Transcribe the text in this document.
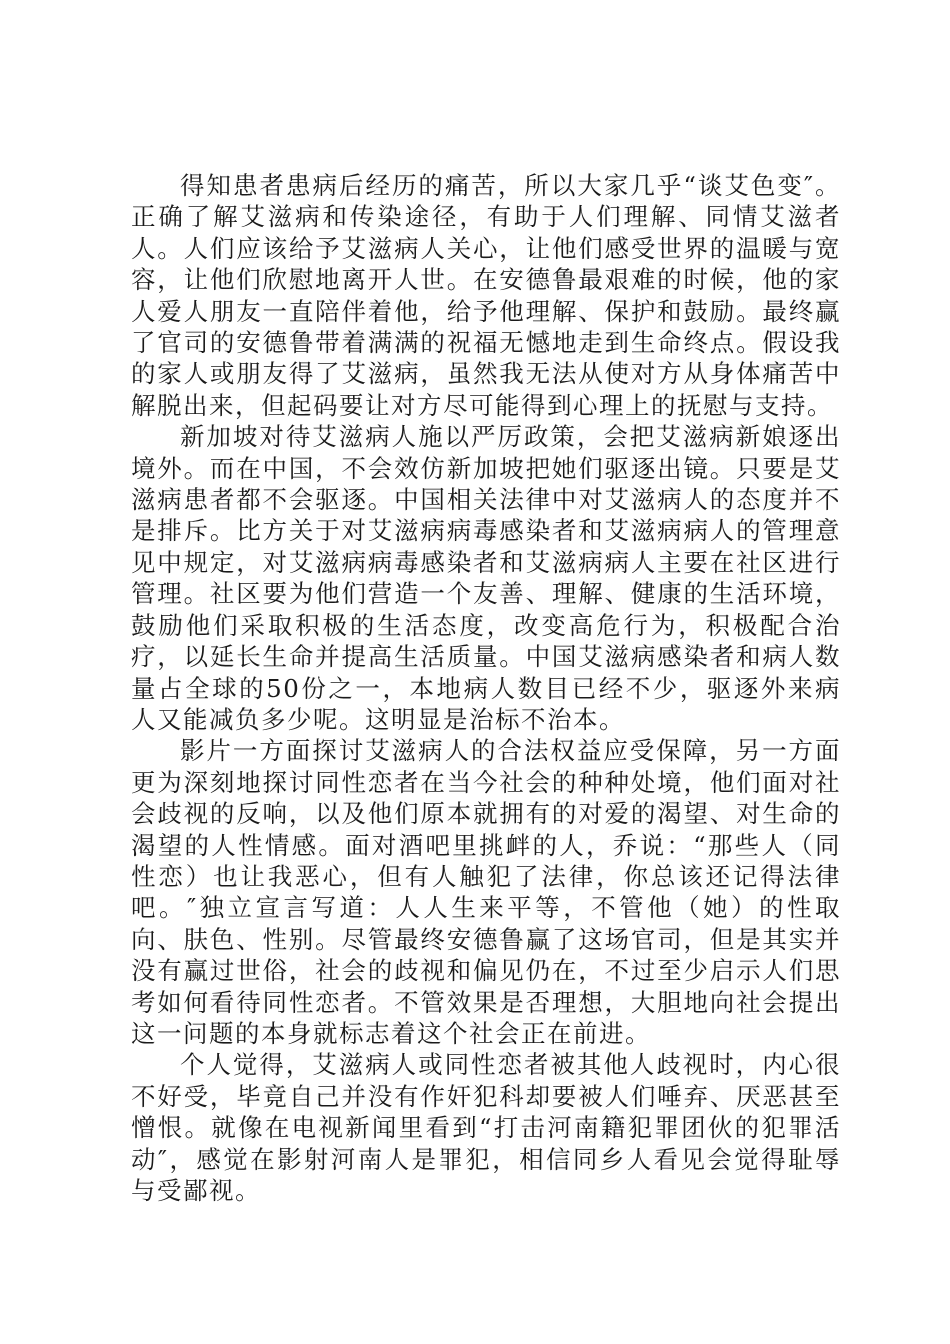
得知患者患病后经历的痛苦，所以大家几乎“谈艾色变″。正确了解艾滋病和传染途径，有助于人们理解、同情艾滋者人。人们应该给予艾滋病人关心，让他们感受世界的温暖与宽容，让他们欣慰地离开人世。在安德鲁最艰难的时候，他的家人爱人朋友一直陪伴着他，给予他理解、保护和鼓励。最终赢了官司的安德鲁带着满满的祝福无憾地走到生命终点。假设我的家人或朋友得了艾滋病，虽然我无法从使对方从身体痛苦中解脱出来，但起码要让对方尽可能得到心理上的抚慰与支持。

新加坡对待艾滋病人施以严厉政策，会把艾滋病新娘逐出境外。而在中国，不会效仿新加坡把她们驱逐出镜。只要是艾滋病患者都不会驱逐。中国相关法律中对艾滋病人的态度并不是排斥。比方关于对艾滋病病毒感染者和艾滋病病人的管理意见中规定，对艾滋病病毒感染者和艾滋病病人主要在社区进行管理。社区要为他们营造一个友善、理解、健康的生活环境，鼓励他们采取积极的生活态度，改变高危行为，积极配合治疗，以延长生命并提高生活质量。中国艾滋病感染者和病人数量占全球的50份之一，本地病人数目已经不少，驱逐外来病人又能减负多少呢。这明显是治标不治本。

影片一方面探讨艾滋病人的合法权益应受保障，另一方面更为深刻地探讨同性恋者在当今社会的种种处境，他们面对社会歧视的反响，以及他们原本就拥有的对爱的渴望、对生命的渴望的人性情感。面对酒吧里挑衅的人，乔说：“那些人（同性恋）也让我恶心，但有人触犯了法律，你总该还记得法律吧。″独立宣言写道：人人生来平等，不管他（她）的性取向、肤色、性别。尽管最终安德鲁赢了这场官司，但是其实并没有赢过世俗，社会的歧视和偏见仍在，不过至少启示人们思考如何看待同性恋者。不管效果是否理想，大胆地向社会提出这一问题的本身就标志着这个社会正在前进。

个人觉得，艾滋病人或同性恋者被其他人歧视时，内心很不好受，毕竟自己并没有作奸犯科却要被人们唾弃、厌恶甚至憎恨。就像在电视新闻里看到“打击河南籍犯罪团伙的犯罪活动″，感觉在影射河南人是罪犯，相信同乡人看见会觉得耻辱与受鄙视。
